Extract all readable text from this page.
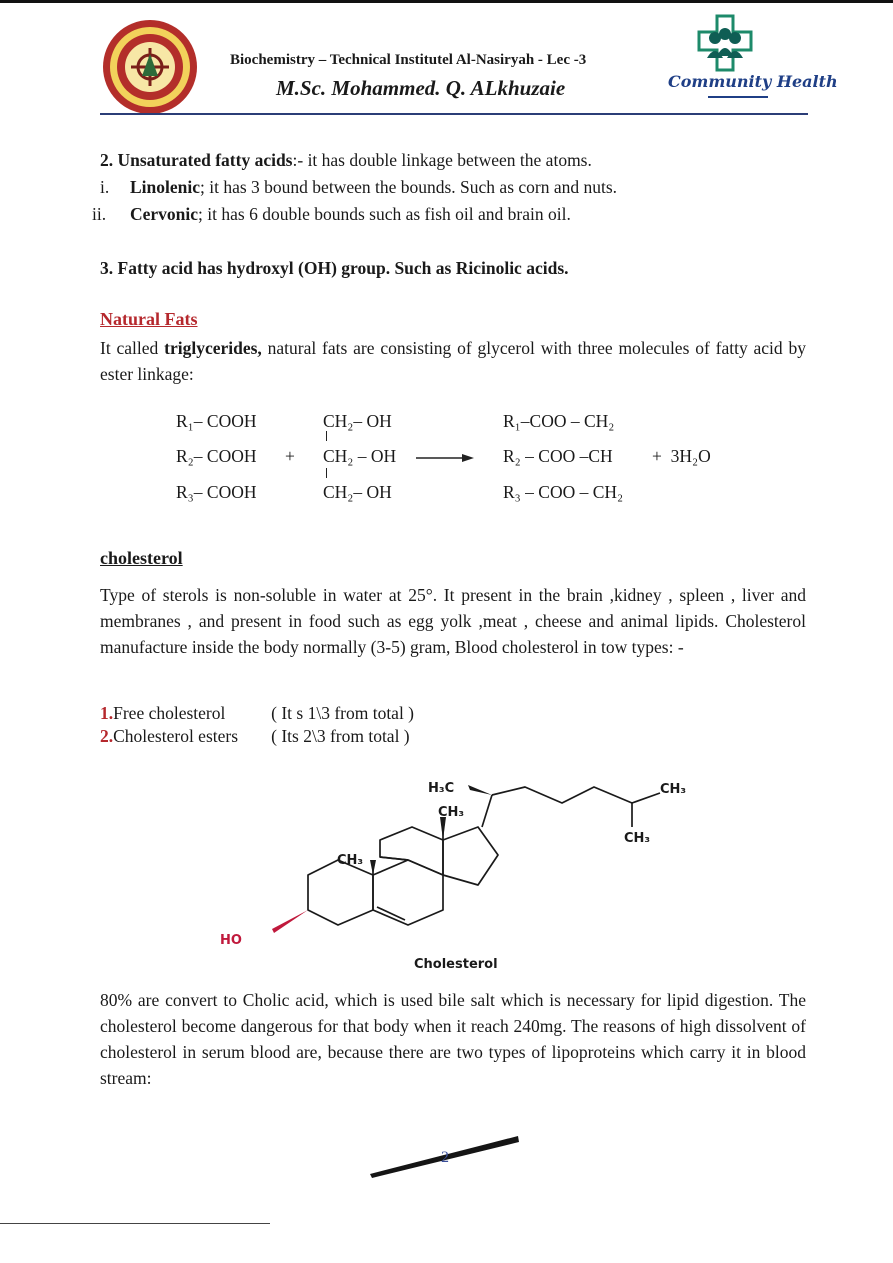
Biochemistry – Technical Institutel Al-Nasiryah - Lec -3
M.Sc. Mohammed. Q. ALkhuzaie	Community Health
2. Unsaturated fatty acids:- it has double linkage between the atoms.
i. Linolenic; it has 3 bound between the bounds. Such as corn and nuts.
ii. Cervonic; it has 6 double bounds such as fish oil and brain oil.
3. Fatty acid has hydroxyl (OH) group. Such as Ricinolic acids.
Natural Fats
It called triglycerides, natural fats are consisting of glycerol with three molecules of fatty acid by ester linkage:
R₁– COOH
R₂– COOH
R₃– COOH
+
CH₂– OH
CH₂ – OH
CH₂– OH
R₁–COO – CH₂
R₂ – COO –CH
R₃ – COO – CH₂
+  3H₂O
cholesterol
Type of sterols is non-soluble in water at 25°. It present in the brain ,kidney , spleen , liver and membranes , and present in food such as egg yolk ,meat , cheese and animal lipids. Cholesterol manufacture inside the body normally (3-5) gram, Blood cholesterol in tow types: -
1.Free cholesterol	( It s 1\3 from total )
2.Cholesterol esters ( Its 2\3 from total )
H₃C
CH₃
CH₃
CH₃
CH₃
HO
Cholesterol
80% are convert to Cholic acid, which is used bile salt which is necessary for lipid digestion. The cholesterol become dangerous for that body when it reach 240mg. The reasons of high dissolvent of cholesterol in serum blood are, because there are two types of lipoproteins which carry it in blood stream:
2
